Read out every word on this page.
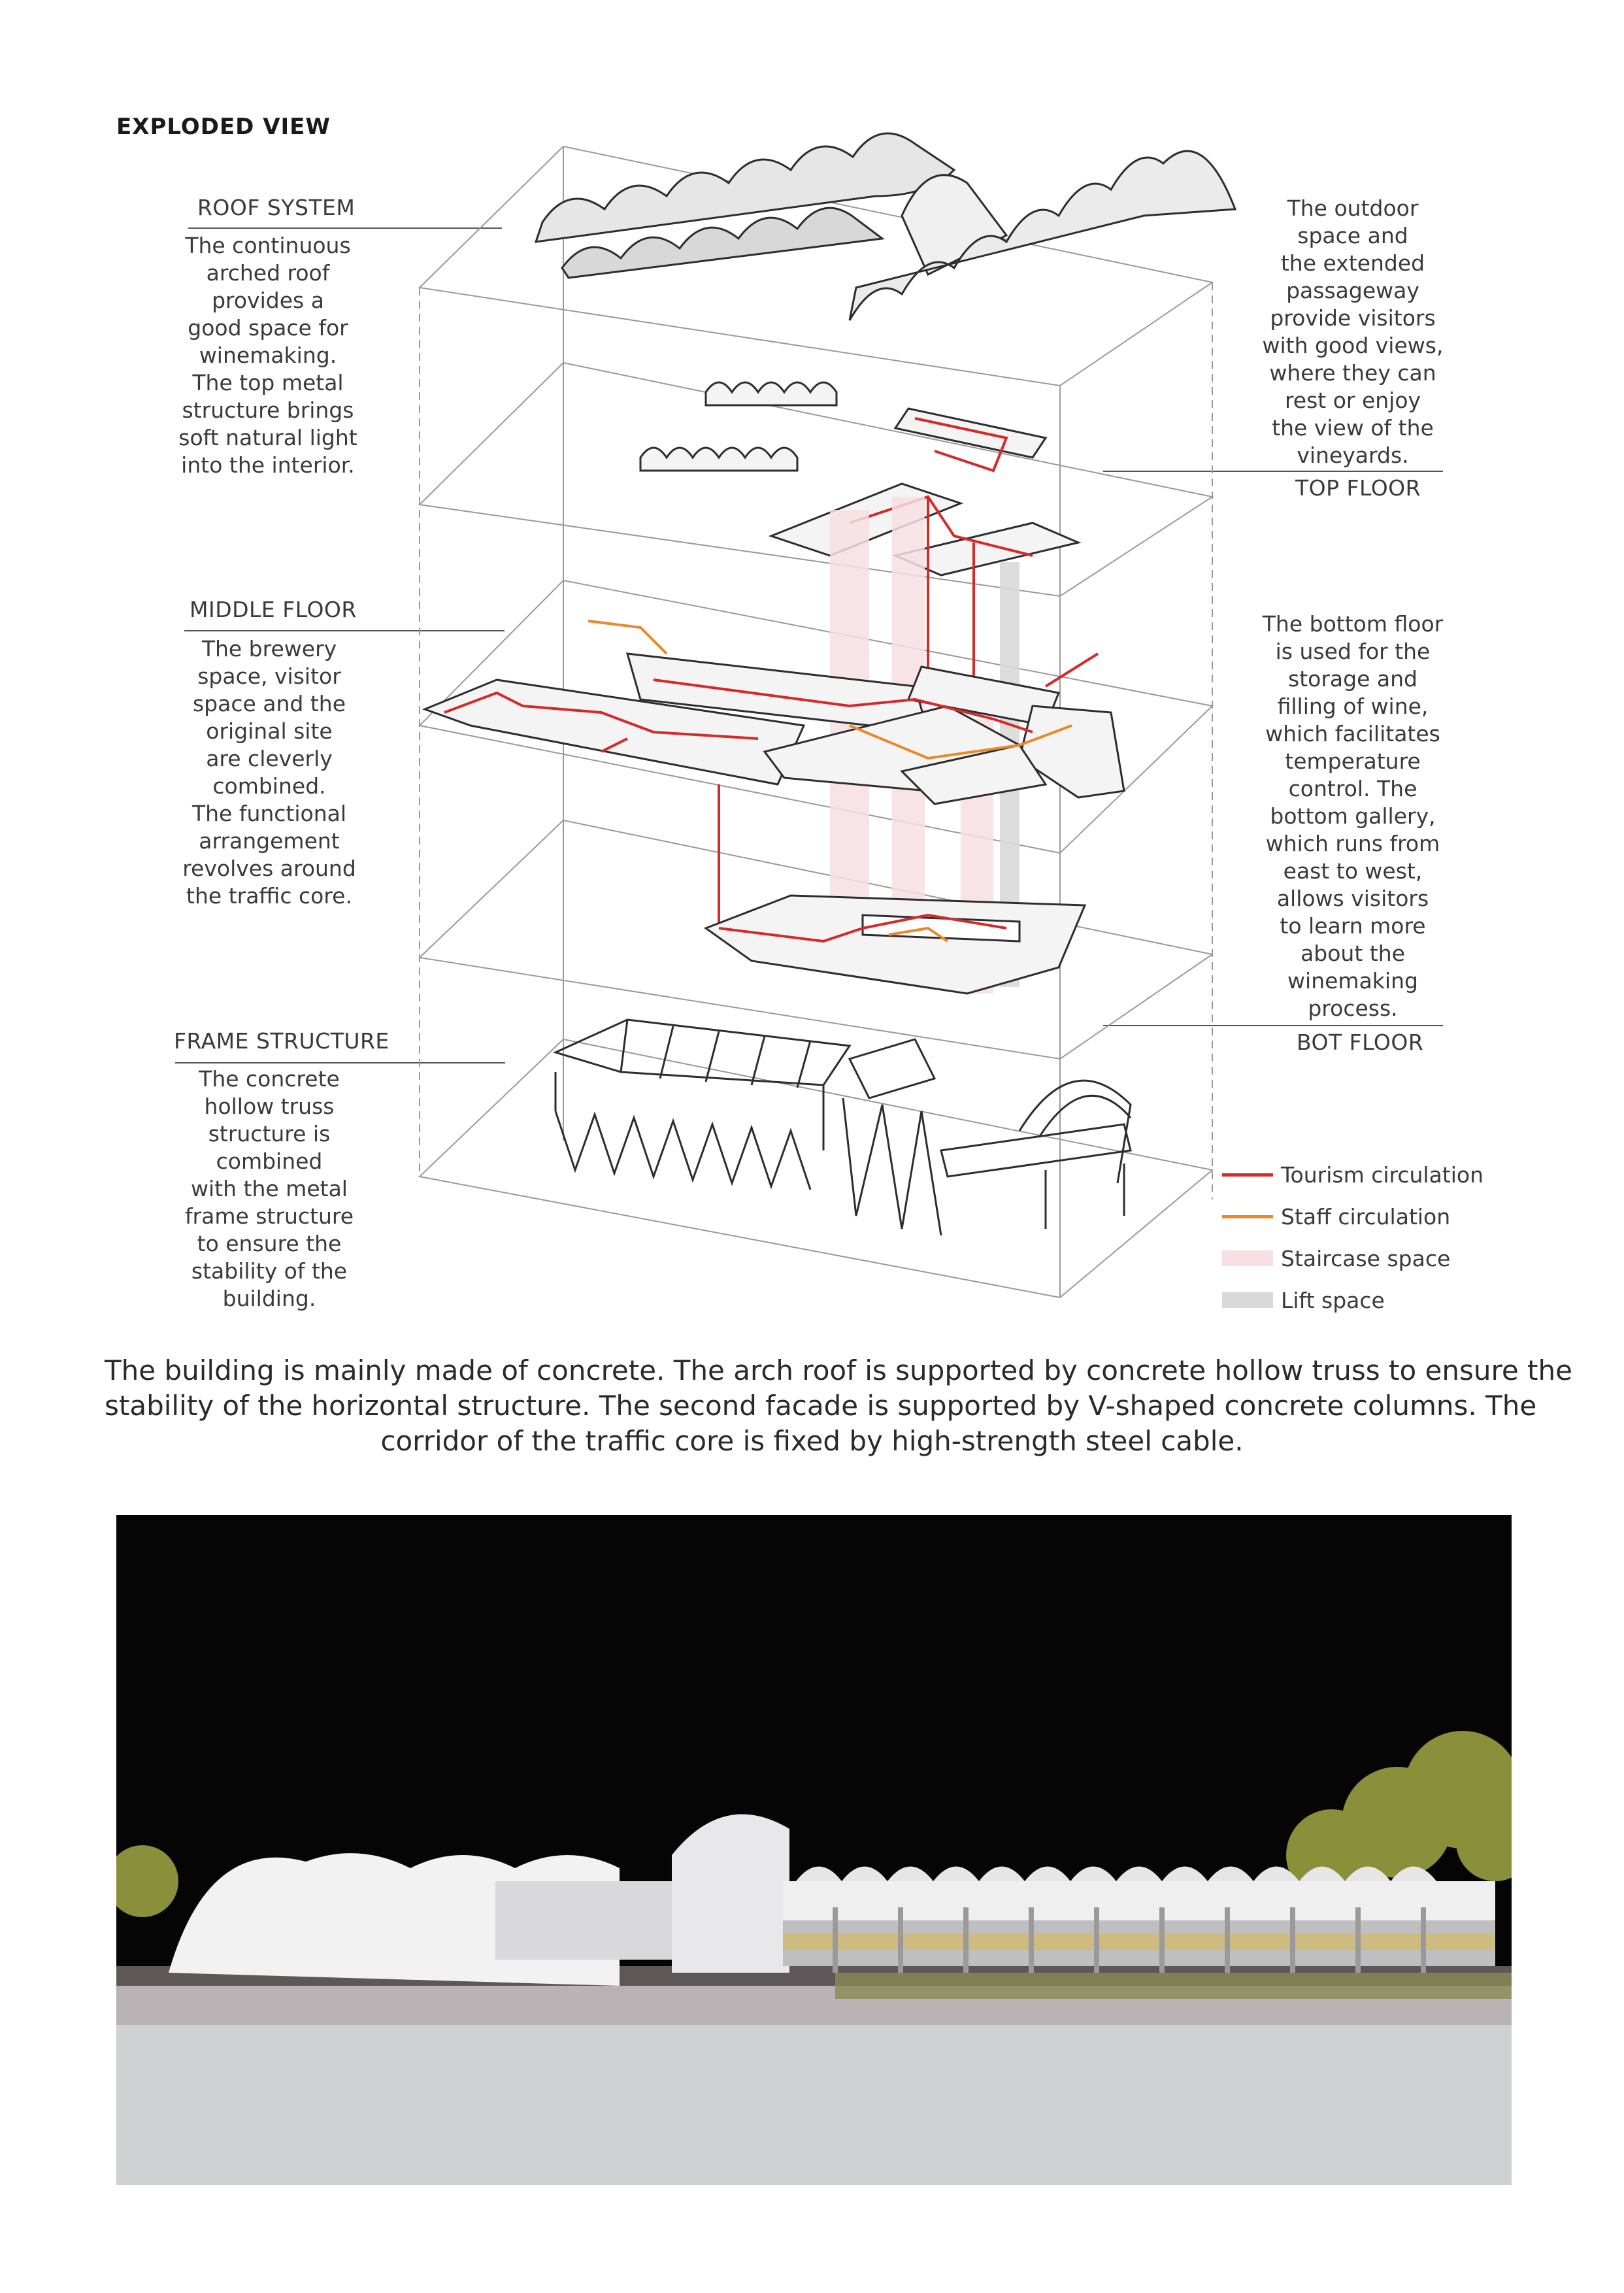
EXPLODED VIEW
ROOF SYSTEM
The continuous
arched roof
provides a
good space for
winemaking.
The top metal
structure brings
soft natural light
into the interior.
MIDDLE FLOOR
The brewery
space, visitor
space and the
original site
are cleverly
combined.
The functional
arrangement
revolves around
the traffic core.
FRAME STRUCTURE
The concrete
hollow truss
structure is
combined
with the metal
frame structure
to ensure the
stability of the
building.
The outdoor
space and
the extended
passageway
provide visitors
with good views,
where they can
rest or enjoy
the view of the
vineyards.
TOP FLOOR
The bottom floor
is used for the
storage and
filling of wine,
which facilitates
temperature
control. The
bottom gallery,
which runs from
east to west,
allows visitors
to learn more
about the
winemaking
process.
BOT FLOOR
Tourism circulation
Staff circulation
Staircase space
Lift space
The building is mainly made of concrete. The arch roof is supported by concrete hollow truss to ensure the
stability of the horizontal structure. The second facade is supported by V-shaped concrete columns. The
corridor of the traffic core is fixed by high-strength steel cable.
